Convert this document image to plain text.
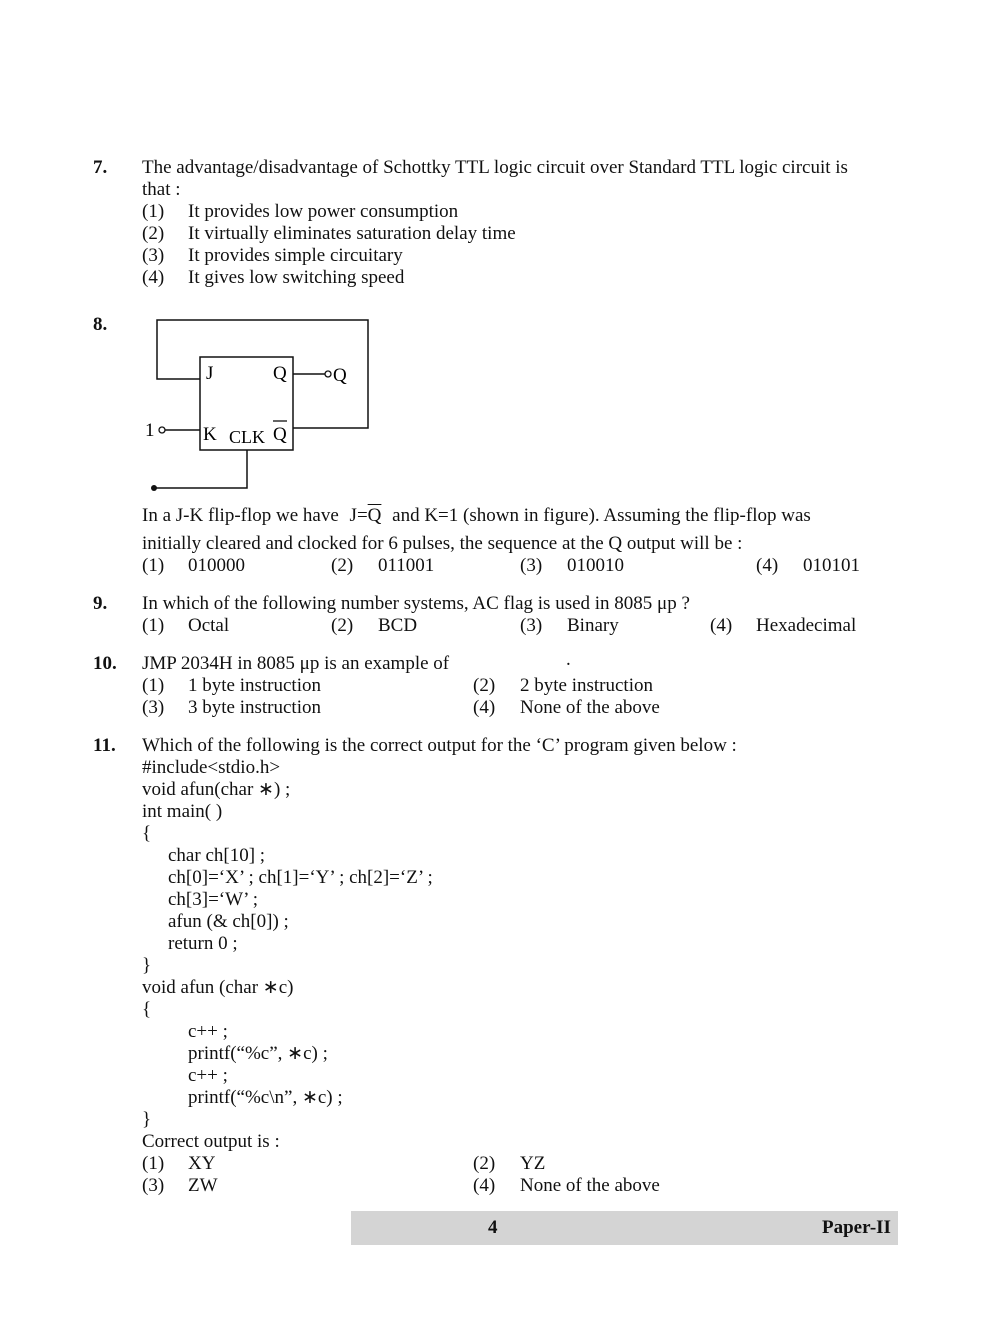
7. The advantage/disadvantage of Schottky TTL logic circuit over Standard TTL logic circuit is
that :
(1) It provides low power consumption
(2) It virtually eliminates saturation delay time
(3) It provides simple circuitary
(4) It gives low switching speed
8.
J	Q Q
K CLK Q
1
In a J-K flip-flop we have $J=\overline{Q}$ and K=1 (shown in figure). Assuming the flip-flop was
initially cleared and clocked for 6 pulses, the sequence at the Q output will be :
(1) 010000	(2) 011001	(3) 010010	(4) 010101
9. In which of the following number systems, AC flag is used in 8085 μp ?
(1) Octal	(2) BCD	(3) Binary	(4) Hexadecimal
10. JMP 2034H in 8085 μp is an example of	.
(1) 1 byte instruction	(2) 2 byte instruction
(3) 3 byte instruction	(4) None of the above
11. Which of the following is the correct output for the ‘C’ program given below :
#include<stdio.h>
void afun(char ∗) ;
int main( )
{
char ch[10] ;
ch[0]=‘X’ ; ch[1]=‘Y’ ; ch[2]=‘Z’ ;
ch[3]=‘W’ ;
afun (& ch[0]) ;
return 0 ;
}
void afun (char ∗c)
{
c++ ;
printf(“%c”, ∗c) ;
c++ ;
printf(“%c\n”, ∗c) ;
}
Correct output is :
(1) XY	(2) YZ
(3) ZW	(4) None of the above
4	Paper-II
